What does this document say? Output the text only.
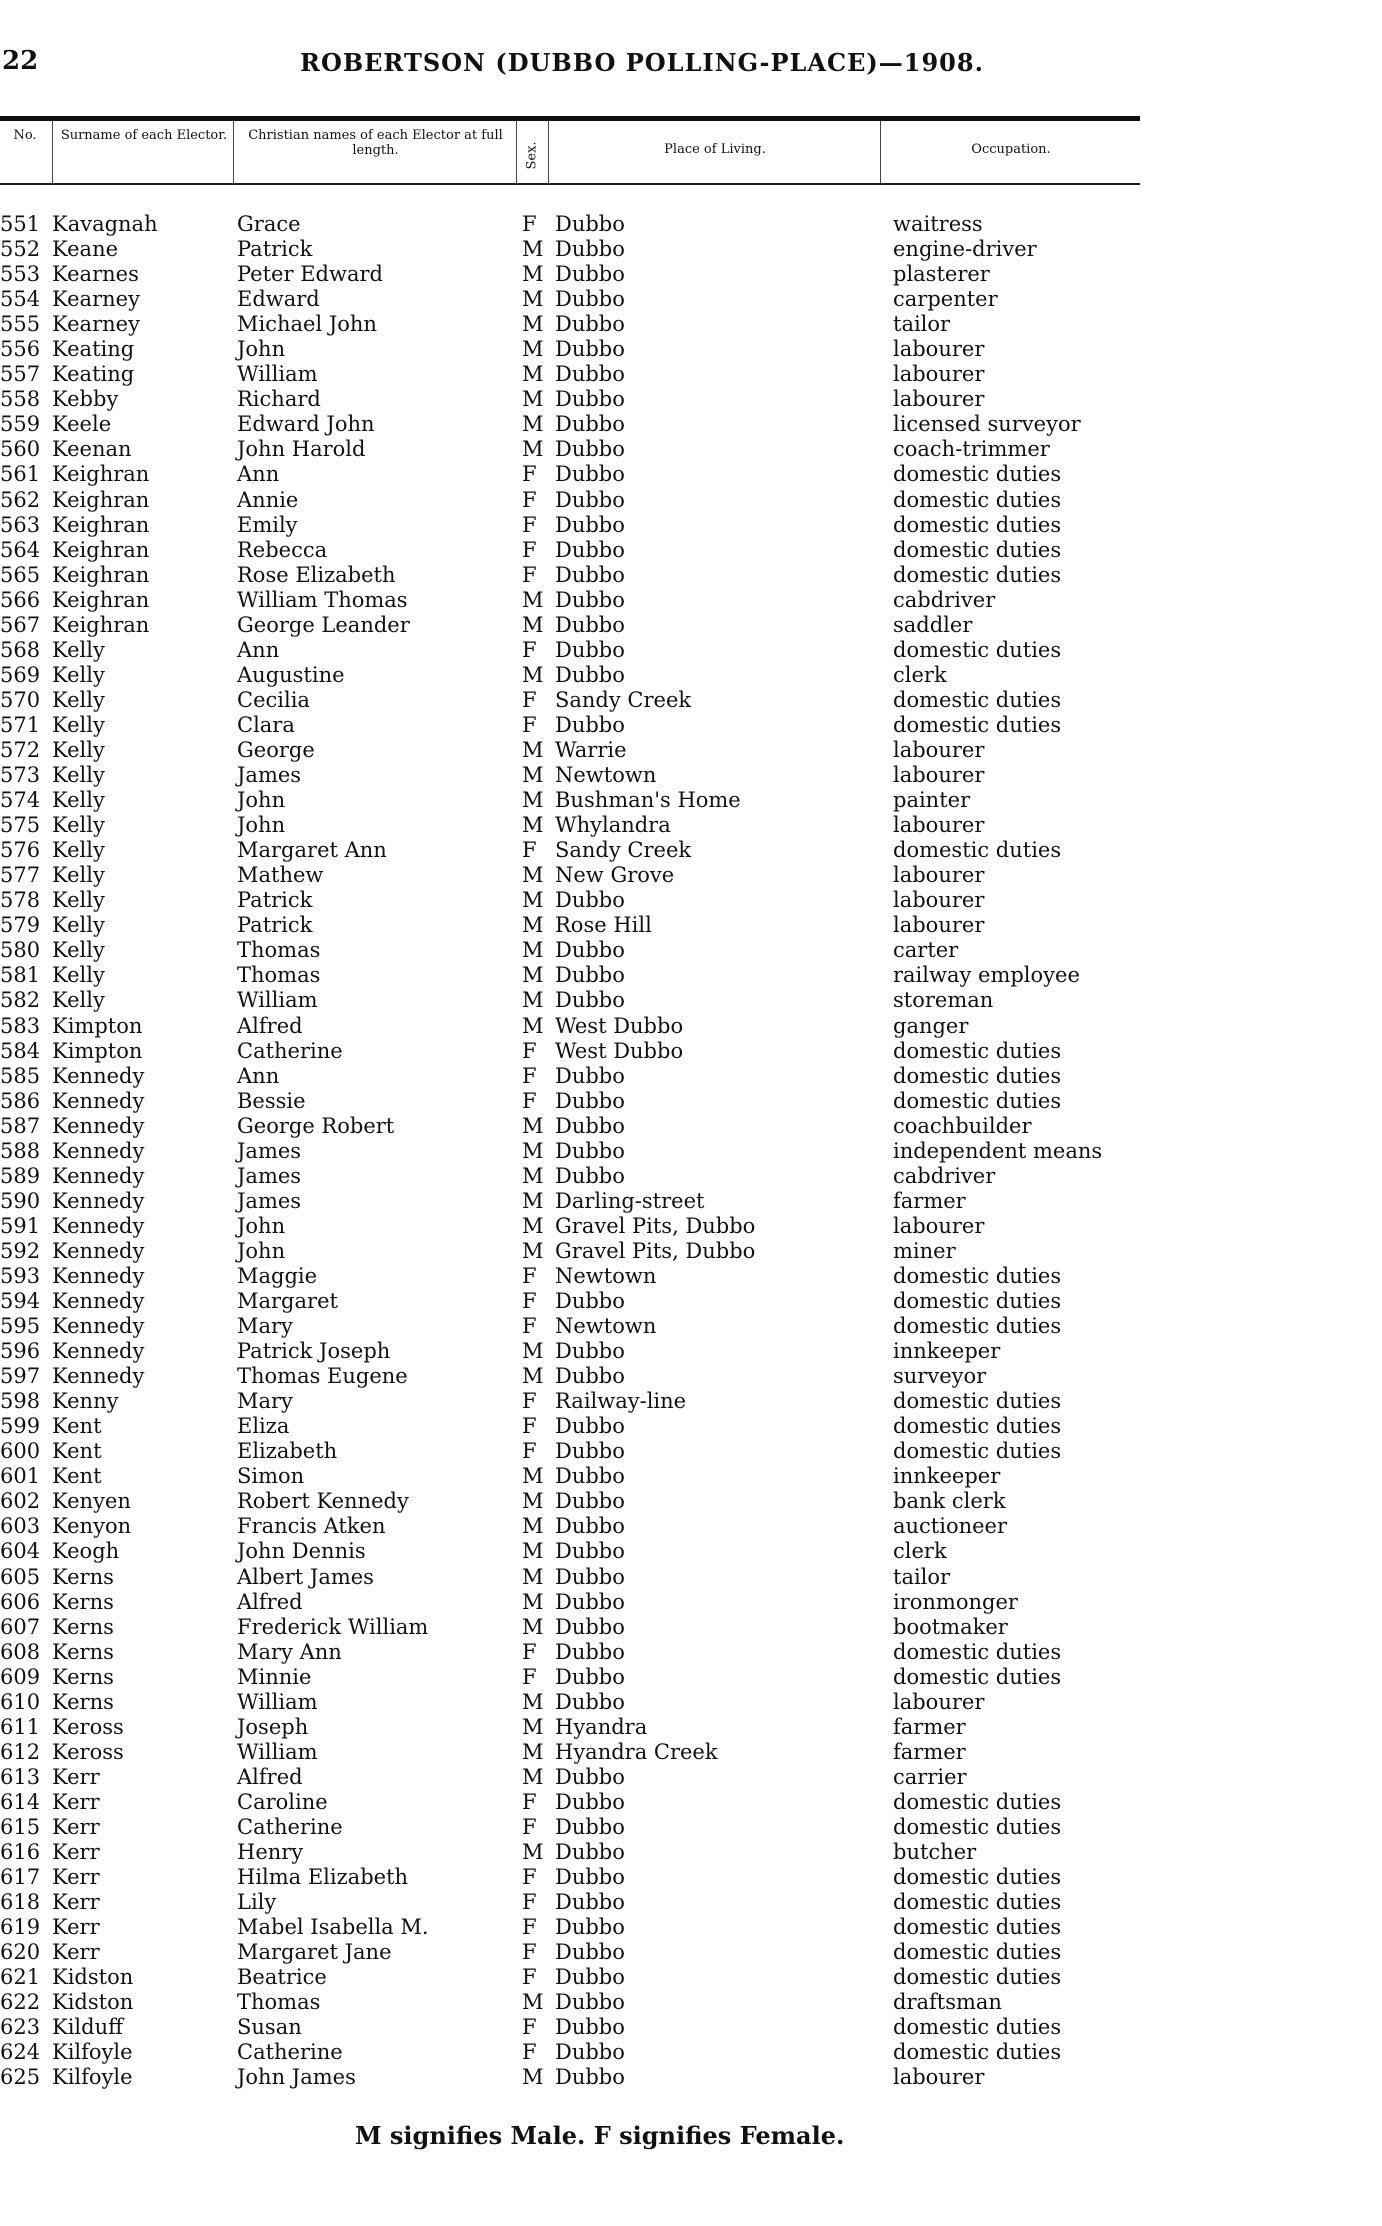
22	ROBERTSON (DUBBO POLLING-PLACE)—1908.
No.	Surname of each Elector.	Christian names of each Elector at full length.	Sex.	Place of Living.	Occupation.
551 Kavagnah	Grace	F Dubbo	waitress
552 Keane	Patrick	M Dubbo	engine-driver
553 Kearnes	Peter Edward	M Dubbo	plasterer
554 Kearney	Edward	M Dubbo	carpenter
555 Kearney	Michael John	M Dubbo	tailor
556 Keating	John	M Dubbo	labourer
557 Keating	William	M Dubbo	labourer
558 Kebby	Richard	M Dubbo	labourer
559 Keele	Edward John	M Dubbo	licensed surveyor
560 Keenan	John Harold	M Dubbo	coach-trimmer
561 Keighran	Ann	F Dubbo	domestic duties
562 Keighran	Annie	F Dubbo	domestic duties
563 Keighran	Emily	F Dubbo	domestic duties
564 Keighran	Rebecca	F Dubbo	domestic duties
565 Keighran	Rose Elizabeth	F Dubbo	domestic duties
566 Keighran	William Thomas	M Dubbo	cabdriver
567 Keighran	George Leander	M Dubbo	saddler
568 Kelly	Ann	F Dubbo	domestic duties
569 Kelly	Augustine	M Dubbo	clerk
570 Kelly	Cecilia	F Sandy Creek	domestic duties
571 Kelly	Clara	F Dubbo	domestic duties
572 Kelly	George	M Warrie	labourer
573 Kelly	James	M Newtown	labourer
574 Kelly	John	M Bushman's Home	painter
575 Kelly	John	M Whylandra	labourer
576 Kelly	Margaret Ann	F Sandy Creek	domestic duties
577 Kelly	Mathew	M New Grove	labourer
578 Kelly	Patrick	M Dubbo	labourer
579 Kelly	Patrick	M Rose Hill	labourer
580 Kelly	Thomas	M Dubbo	carter
581 Kelly	Thomas	M Dubbo	railway employee
582 Kelly	William	M Dubbo	storeman
583 Kimpton	Alfred	M West Dubbo	ganger
584 Kimpton	Catherine	F West Dubbo	domestic duties
585 Kennedy	Ann	F Dubbo	domestic duties
586 Kennedy	Bessie	F Dubbo	domestic duties
587 Kennedy	George Robert	M Dubbo	coachbuilder
588 Kennedy	James	M Dubbo	independent means
589 Kennedy	James	M Dubbo	cabdriver
590 Kennedy	James	M Darling-street	farmer
591 Kennedy	John	M Gravel Pits, Dubbo	labourer
592 Kennedy	John	M Gravel Pits, Dubbo	miner
593 Kennedy	Maggie	F Newtown	domestic duties
594 Kennedy	Margaret	F Dubbo	domestic duties
595 Kennedy	Mary	F Newtown	domestic duties
596 Kennedy	Patrick Joseph	M Dubbo	innkeeper
597 Kennedy	Thomas Eugene	M Dubbo	surveyor
598 Kenny	Mary	F Railway-line	domestic duties
599 Kent	Eliza	F Dubbo	domestic duties
600 Kent	Elizabeth	F Dubbo	domestic duties
601 Kent	Simon	M Dubbo	innkeeper
602 Kenyen	Robert Kennedy	M Dubbo	bank clerk
603 Kenyon	Francis Atken	M Dubbo	auctioneer
604 Keogh	John Dennis	M Dubbo	clerk
605 Kerns	Albert James	M Dubbo	tailor
606 Kerns	Alfred	M Dubbo	ironmonger
607 Kerns	Frederick William	M Dubbo	bootmaker
608 Kerns	Mary Ann	F Dubbo	domestic duties
609 Kerns	Minnie	F Dubbo	domestic duties
610 Kerns	William	M Dubbo	labourer
611 Keross	Joseph	M Hyandra	farmer
612 Keross	William	M Hyandra Creek	farmer
613 Kerr	Alfred	M Dubbo	carrier
614 Kerr	Caroline	F Dubbo	domestic duties
615 Kerr	Catherine	F Dubbo	domestic duties
616 Kerr	Henry	M Dubbo	butcher
617 Kerr	Hilma Elizabeth	F Dubbo	domestic duties
618 Kerr	Lily	F Dubbo	domestic duties
619 Kerr	Mabel Isabella M.	F Dubbo	domestic duties
620 Kerr	Margaret Jane	F Dubbo	domestic duties
621 Kidston	Beatrice	F Dubbo	domestic duties
622 Kidston	Thomas	M Dubbo	draftsman
623 Kilduff	Susan	F Dubbo	domestic duties
624 Kilfoyle	Catherine	F Dubbo	domestic duties
625 Kilfoyle	John James	M Dubbo	labourer
M signifies Male. F signifies Female.
